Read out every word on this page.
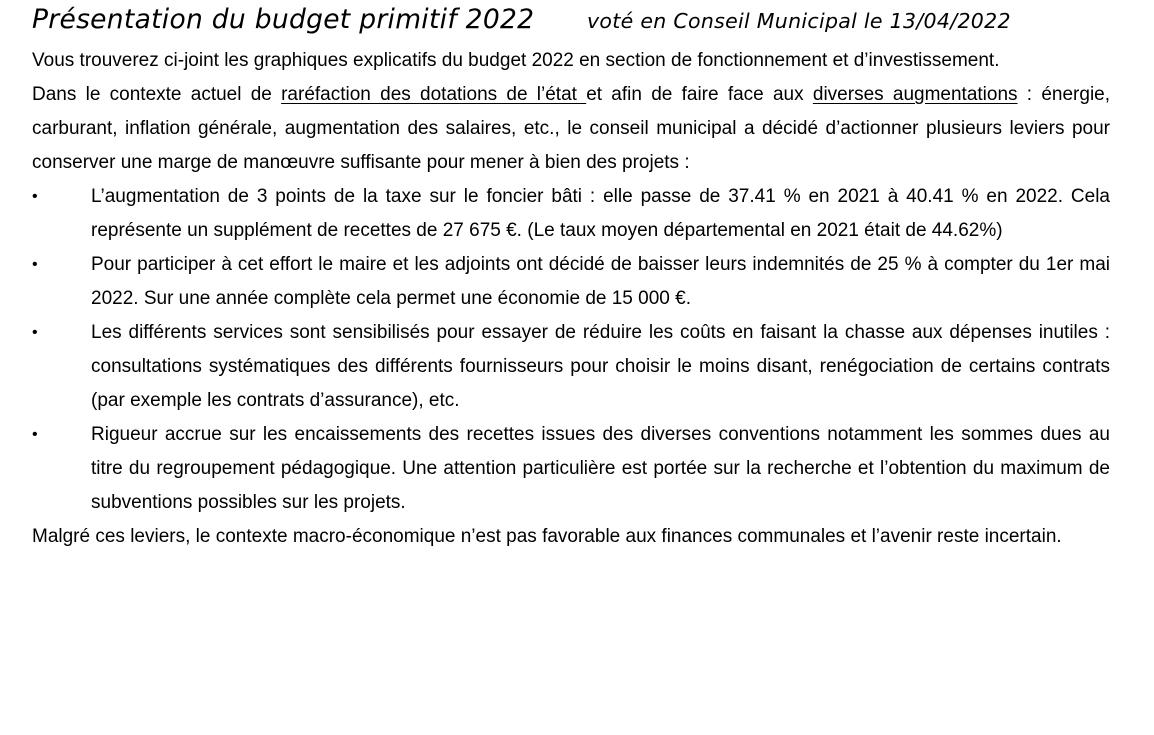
Présentation du budget primitif 2022	voté en Conseil Municipal le 13/04/2022

Vous trouverez ci-joint les graphiques explicatifs du budget 2022 en section de fonctionnement et d’investissement.

Dans le contexte actuel de raréfaction des dotations de l’état et afin de faire face aux diverses augmentations : énergie, carburant, inflation générale, augmentation des salaires, etc., le conseil municipal a décidé d’actionner plusieurs leviers pour conserver une marge de manœuvre suffisante pour mener à bien des projets :

•	L’augmentation de 3 points de la taxe sur le foncier bâti : elle passe de 37.41 % en 2021 à 40.41 % en 2022. Cela représente un supplément de recettes de 27 675 €. (Le taux moyen départemental en 2021 était de 44.62%)
•	Pour participer à cet effort le maire et les adjoints ont décidé de baisser leurs indemnités de 25 % à compter du 1er mai 2022. Sur une année complète cela permet une économie de 15 000 €.
•	Les différents services sont sensibilisés pour essayer de réduire les coûts en faisant la chasse aux dépenses inutiles : consultations systématiques des différents fournisseurs pour choisir le moins disant, renégociation de certains contrats (par exemple les contrats d’assurance), etc.
•	Rigueur accrue sur les encaissements des recettes issues des diverses conventions notamment les sommes dues au titre du regroupement pédagogique. Une attention particulière est portée sur la recherche et l’obtention du maximum de subventions possibles sur les projets.

Malgré ces leviers, le contexte macro-économique n’est pas favorable aux finances communales et l’avenir reste incertain.
